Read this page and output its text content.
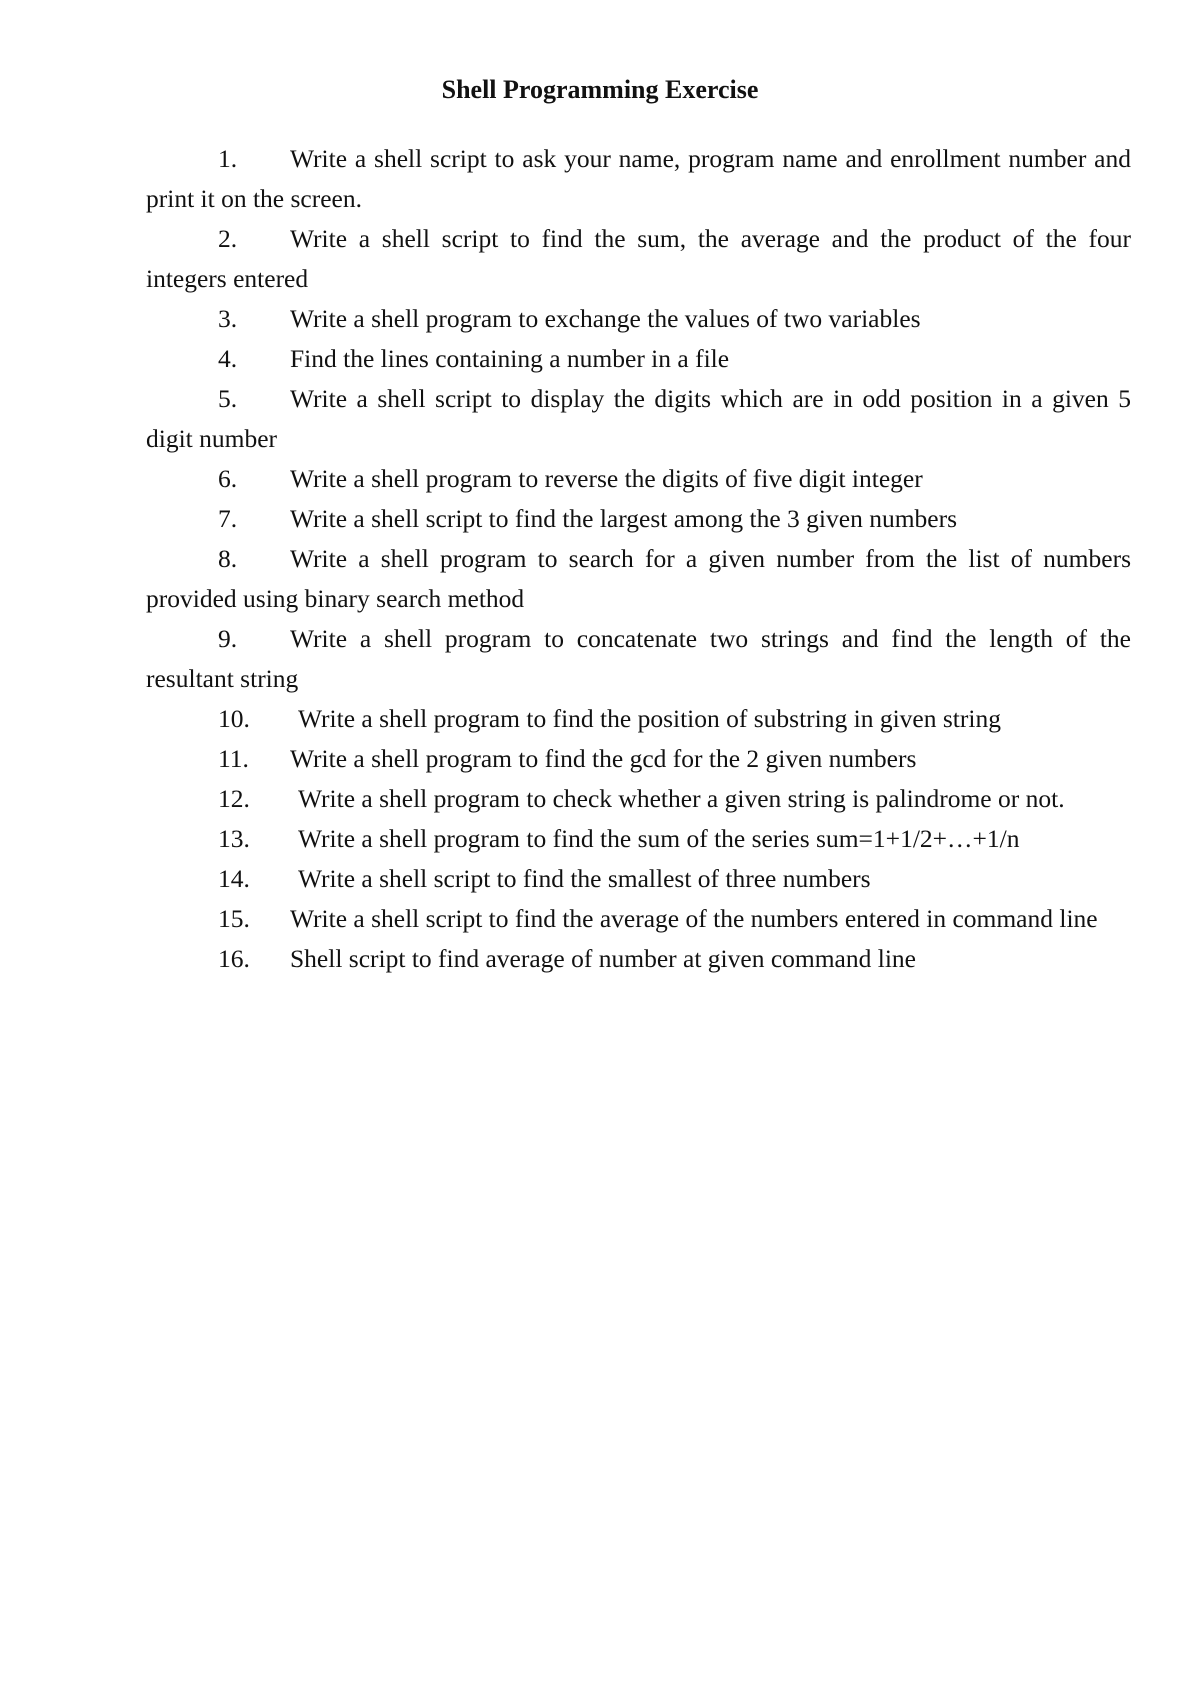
Shell Programming Exercise
1. Write a shell script to ask your name, program name and enrollment number and print it on the screen.
2. Write a shell script to find the sum, the average and the product of the four integers entered
3. Write a shell program to exchange the values of two variables
4. Find the lines containing a number in a file
5. Write a shell script to display the digits which are in odd position in a given 5 digit number
6. Write a shell program to reverse the digits of five digit integer
7. Write a shell script to find the largest among the 3 given numbers
8. Write a shell program to search for a given number from the list of numbers provided using binary search method
9. Write a shell program to concatenate two strings and find the length of the resultant string
10. Write a shell program to find the position of substring in given string
11. Write a shell program to find the gcd for the 2 given numbers
12. Write a shell program to check whether a given string is palindrome or not.
13. Write a shell program to find the sum of the series sum=1+1/2+…+1/n
14. Write a shell script to find the smallest of three numbers
15. Write a shell script to find the average of the numbers entered in command line
16. Shell script to find average of number at given command line
